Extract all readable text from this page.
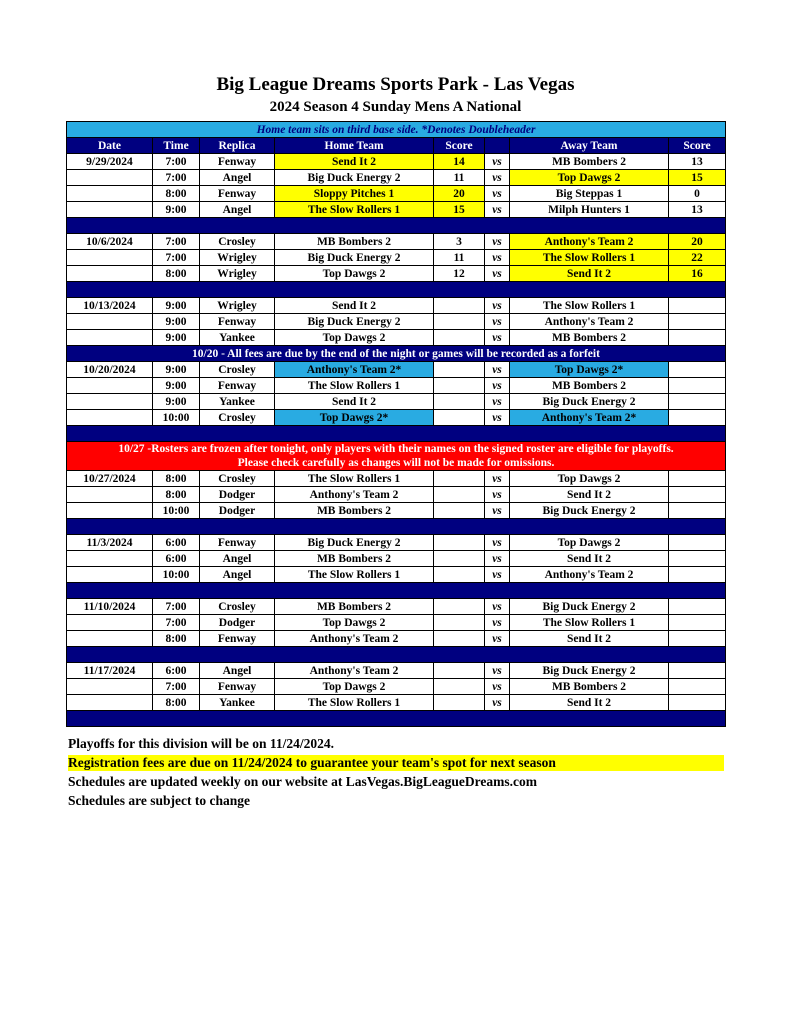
Big League Dreams Sports Park - Las Vegas
2024 Season 4 Sunday Mens A National
Home team sits on third base side. *Denotes Doubleheader							
Date	Time	Replica	Home Team	Score		Away Team	Score
9/29/2024	7:00	Fenway	Send It 2	14	vs	MB Bombers 2	13
	7:00	Angel	Big Duck Energy 2	11	vs	Top Dawgs 2	15
	8:00	Fenway	Sloppy Pitches 1	20	vs	Big Steppas 1	0
	9:00	Angel	The Slow Rollers 1	15	vs	Milph Hunters 1	13

10/6/2024	7:00	Crosley	MB Bombers 2	3	vs	Anthony's Team 2	20
	7:00	Wrigley	Big Duck Energy 2	11	vs	The Slow Rollers 1	22
	8:00	Wrigley	Top Dawgs 2	12	vs	Send It 2	16

10/13/2024	9:00	Wrigley	Send It 2		vs	The Slow Rollers 1	
	9:00	Fenway	Big Duck Energy 2		vs	Anthony's Team 2	
	9:00	Yankee	Top Dawgs 2		vs	MB Bombers 2	
10/20 - All fees are due by the end of the night or games will be recorded as a forfeit							
10/20/2024	9:00	Crosley	Anthony's Team 2*		vs	Top Dawgs 2*	
	9:00	Fenway	The Slow Rollers 1		vs	MB Bombers 2	
	9:00	Yankee	Send It 2		vs	Big Duck Energy 2	
	10:00	Crosley	Top Dawgs 2*		vs	Anthony's Team 2*	

10/27 -Rosters are frozen after tonight, only players with their names on the signed roster are eligible for playoffs.
Please check carefully as changes will not be made for omissions.							

10/27/2024	8:00	Crosley	The Slow Rollers 1		vs	Top Dawgs 2	
	8:00	Dodger	Anthony's Team 2		vs	Send It 2	
	10:00	Dodger	MB Bombers 2		vs	Big Duck Energy 2	

11/3/2024	6:00	Fenway	Big Duck Energy 2		vs	Top Dawgs 2	
	6:00	Angel	MB Bombers 2		vs	Send It 2	
	10:00	Angel	The Slow Rollers 1		vs	Anthony's Team 2	

11/10/2024	7:00	Crosley	MB Bombers 2		vs	Big Duck Energy 2	
	7:00	Dodger	Top Dawgs 2		vs	The Slow Rollers 1	
	8:00	Fenway	Anthony's Team 2		vs	Send It 2	

11/17/2024	6:00	Angel	Anthony's Team 2		vs	Big Duck Energy 2	
	7:00	Fenway	Top Dawgs 2		vs	MB Bombers 2	
	8:00	Yankee	The Slow Rollers 1		vs	Send It 2	

Playoffs for this division will be on 11/24/2024.
Registration fees are due on 11/24/2024 to guarantee your team's spot for next season
Schedules are updated weekly on our website at LasVegas.BigLeagueDreams.com
Schedules are subject to change
